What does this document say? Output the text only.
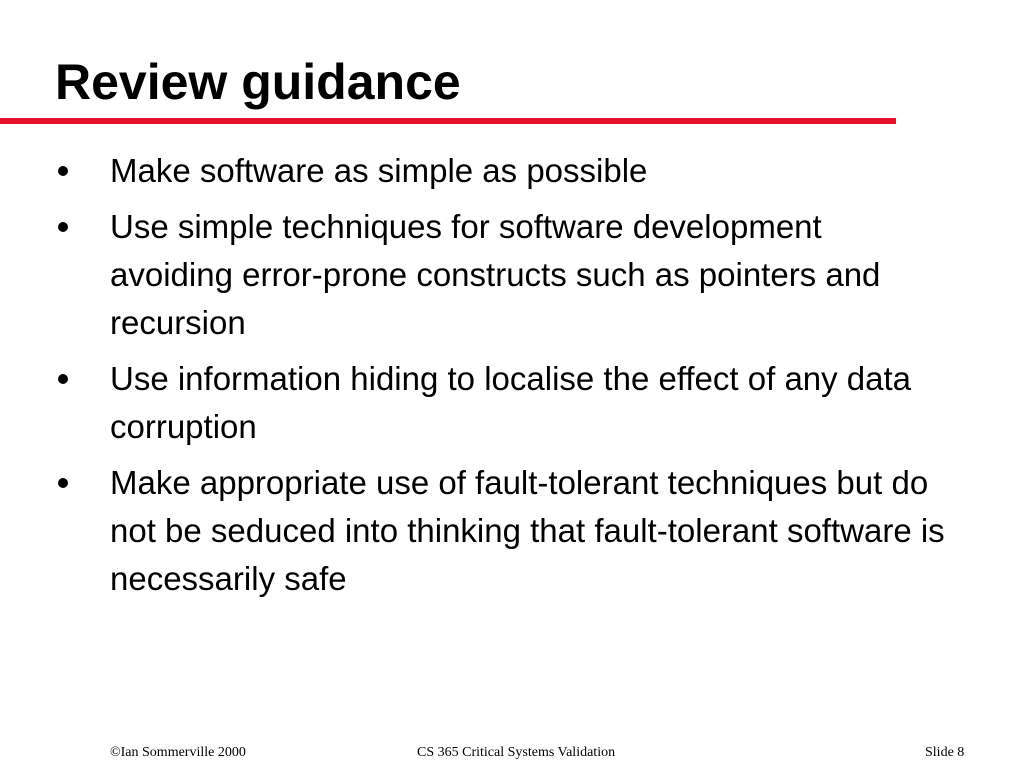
Review guidance
Make software as simple as possible
Use simple techniques for software development avoiding error-prone constructs such as pointers and recursion
Use information hiding to localise the effect of any data corruption
Make appropriate use of fault-tolerant techniques but do not be seduced into thinking that fault-tolerant software is necessarily safe
©Ian Sommerville 2000	CS 365 Critical Systems Validation	Slide 8
